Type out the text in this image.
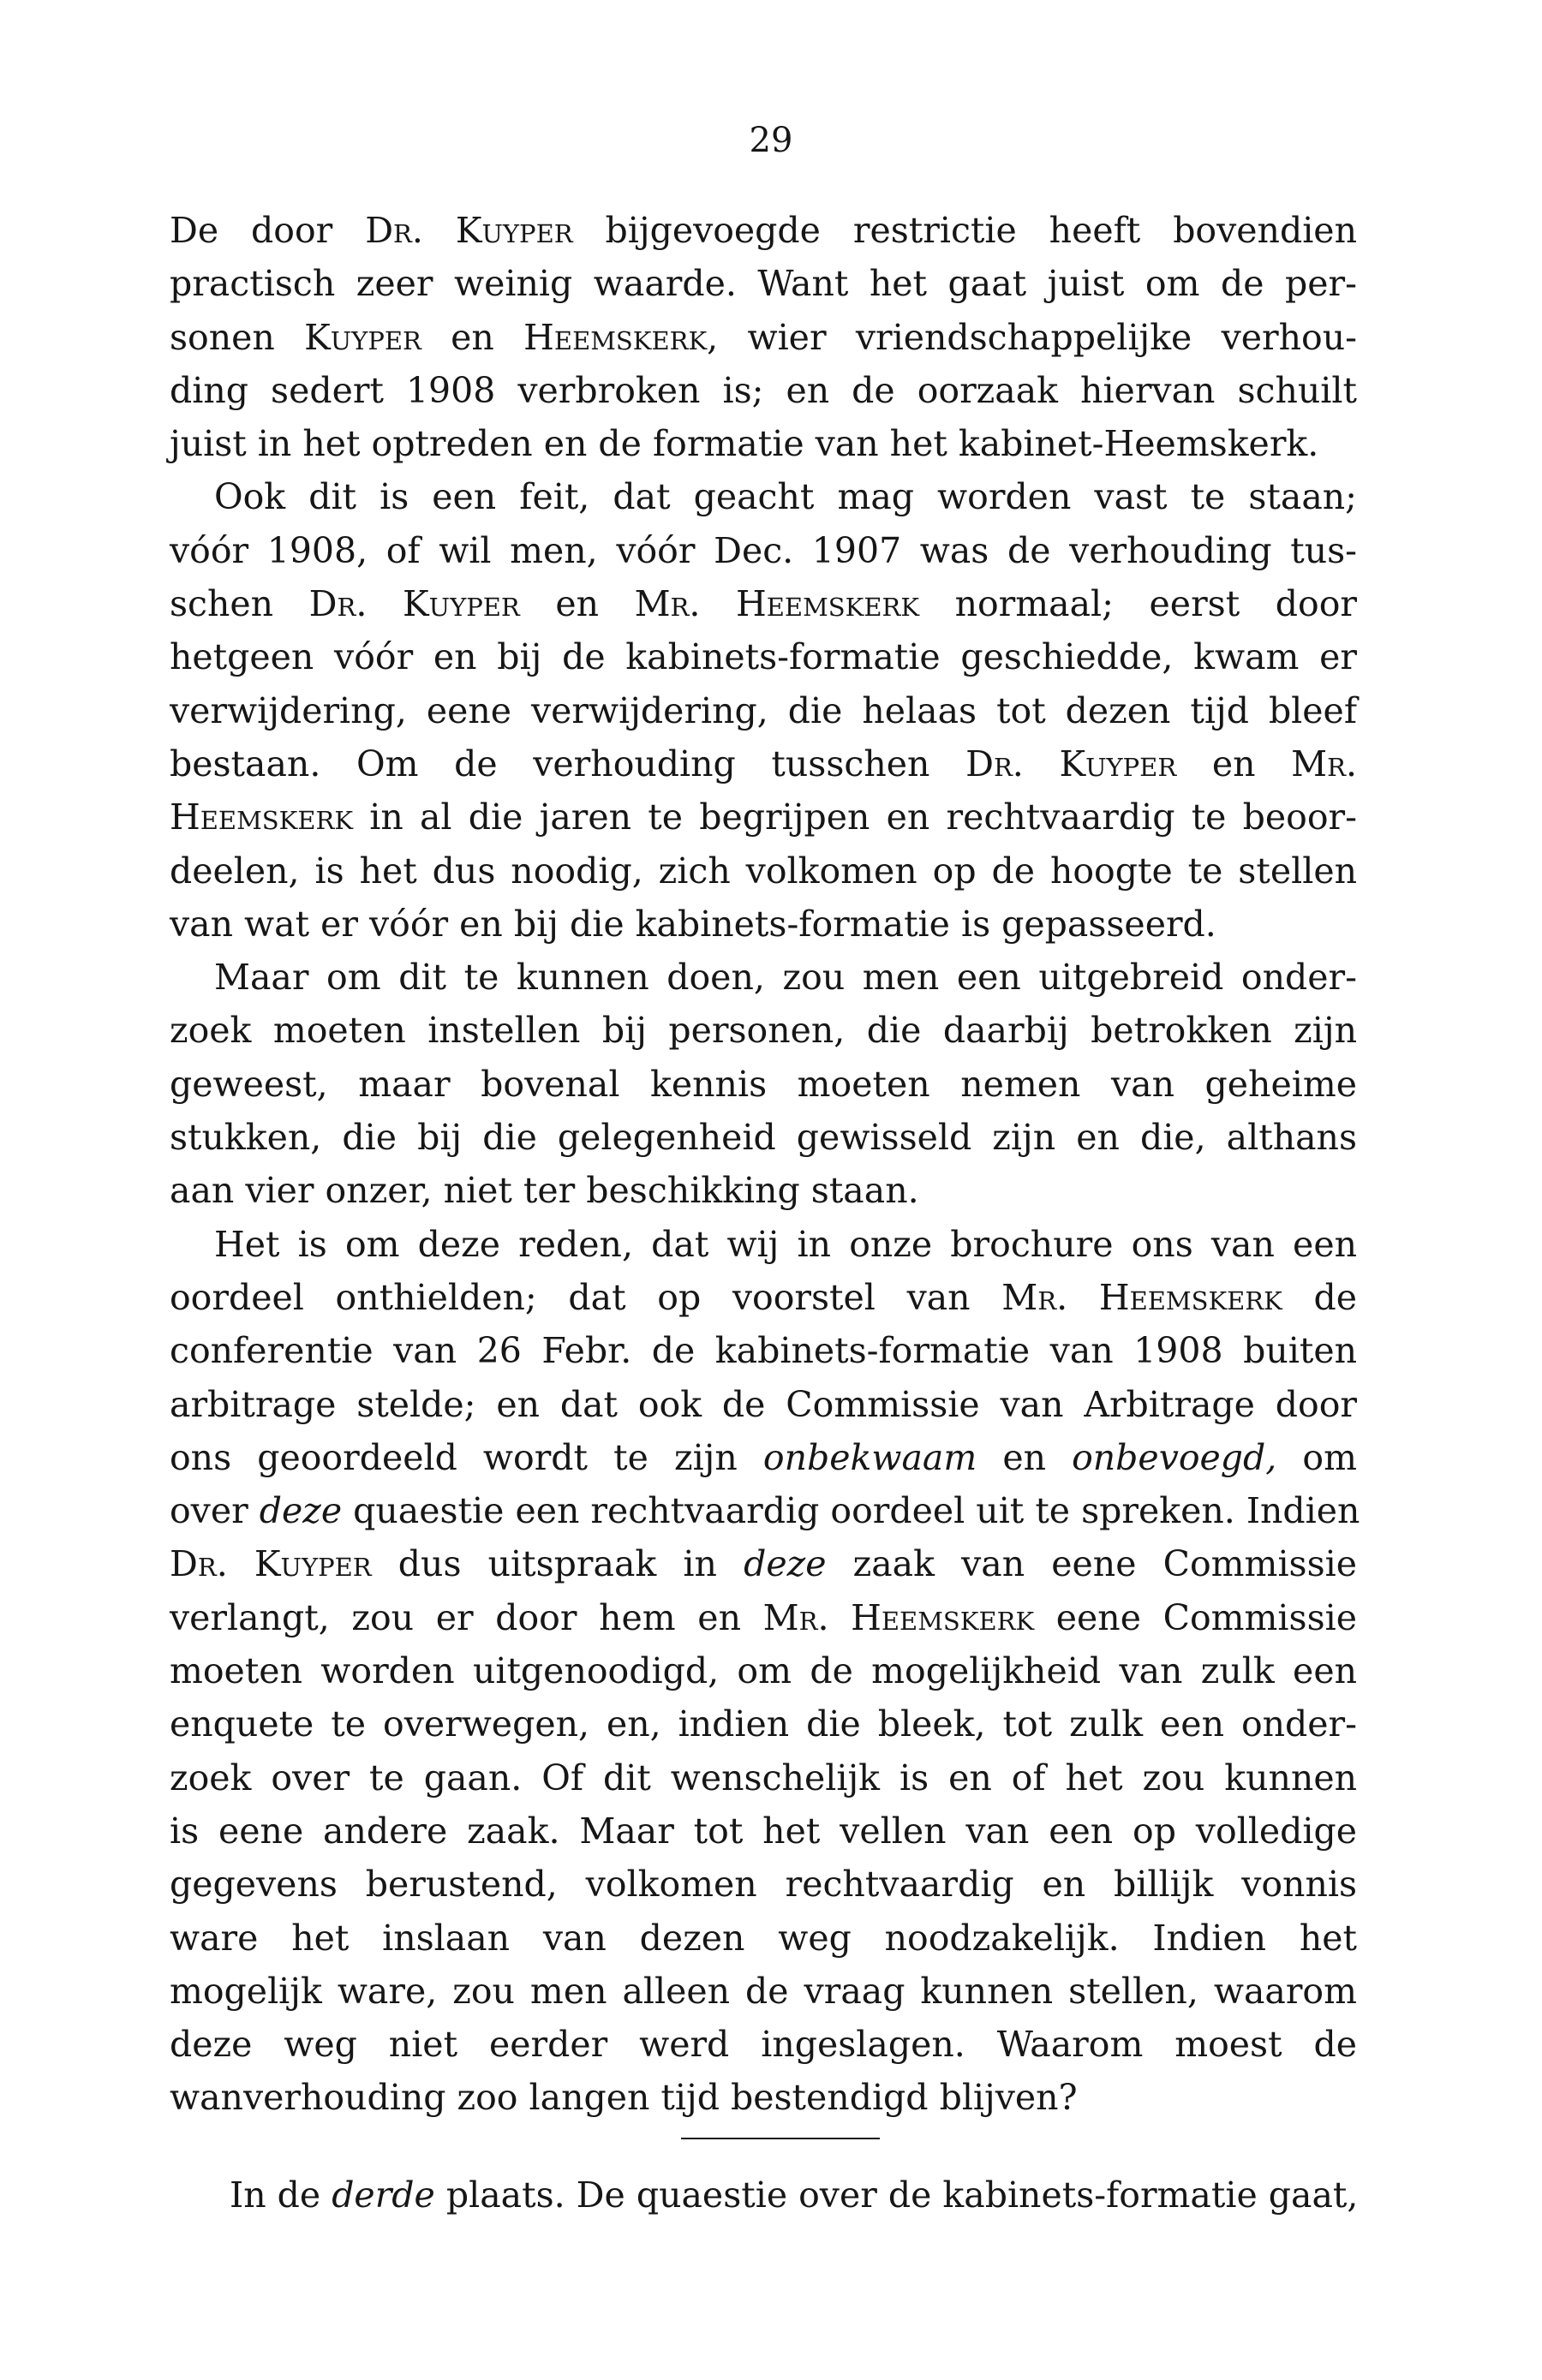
29
De door Dr. Kuyper bijgevoegde restrictie heeft bovendien
practisch zeer weinig waarde. Want het gaat juist om de per-
sonen Kuyper en Heemskerk, wier vriendschappelijke verhou-
ding sedert 1908 verbroken is; en de oorzaak hiervan schuilt
juist in het optreden en de formatie van het kabinet-Heemskerk.
Ook dit is een feit, dat geacht mag worden vast te staan;
vóór 1908, of wil men, vóór Dec. 1907 was de verhouding tus-
schen Dr. Kuyper en Mr. Heemskerk normaal; eerst door
hetgeen vóór en bij de kabinets-formatie geschiedde, kwam er
verwijdering, eene verwijdering, die helaas tot dezen tijd bleef
bestaan. Om de verhouding tusschen Dr. Kuyper en Mr.
Heemskerk in al die jaren te begrijpen en rechtvaardig te beoor-
deelen, is het dus noodig, zich volkomen op de hoogte te stellen
van wat er vóór en bij die kabinets-formatie is gepasseerd.
Maar om dit te kunnen doen, zou men een uitgebreid onder-
zoek moeten instellen bij personen, die daarbij betrokken zijn
geweest, maar bovenal kennis moeten nemen van geheime
stukken, die bij die gelegenheid gewisseld zijn en die, althans
aan vier onzer, niet ter beschikking staan.
Het is om deze reden, dat wij in onze brochure ons van een
oordeel onthielden; dat op voorstel van Mr. Heemskerk de
conferentie van 26 Febr. de kabinets-formatie van 1908 buiten
arbitrage stelde; en dat ook de Commissie van Arbitrage door
ons geoordeeld wordt te zijn onbekwaam en onbevoegd, om
over deze quaestie een rechtvaardig oordeel uit te spreken. Indien
Dr. Kuyper dus uitspraak in deze zaak van eene Commissie
verlangt, zou er door hem en Mr. Heemskerk eene Commissie
moeten worden uitgenoodigd, om de mogelijkheid van zulk een
enquete te overwegen, en, indien die bleek, tot zulk een onder-
zoek over te gaan. Of dit wenschelijk is en of het zou kunnen
is eene andere zaak. Maar tot het vellen van een op volledige
gegevens berustend, volkomen rechtvaardig en billijk vonnis
ware het inslaan van dezen weg noodzakelijk. Indien het
mogelijk ware, zou men alleen de vraag kunnen stellen, waarom
deze weg niet eerder werd ingeslagen. Waarom moest de
wanverhouding zoo langen tijd bestendigd blijven?
In de derde plaats. De quaestie over de kabinets-formatie gaat,
